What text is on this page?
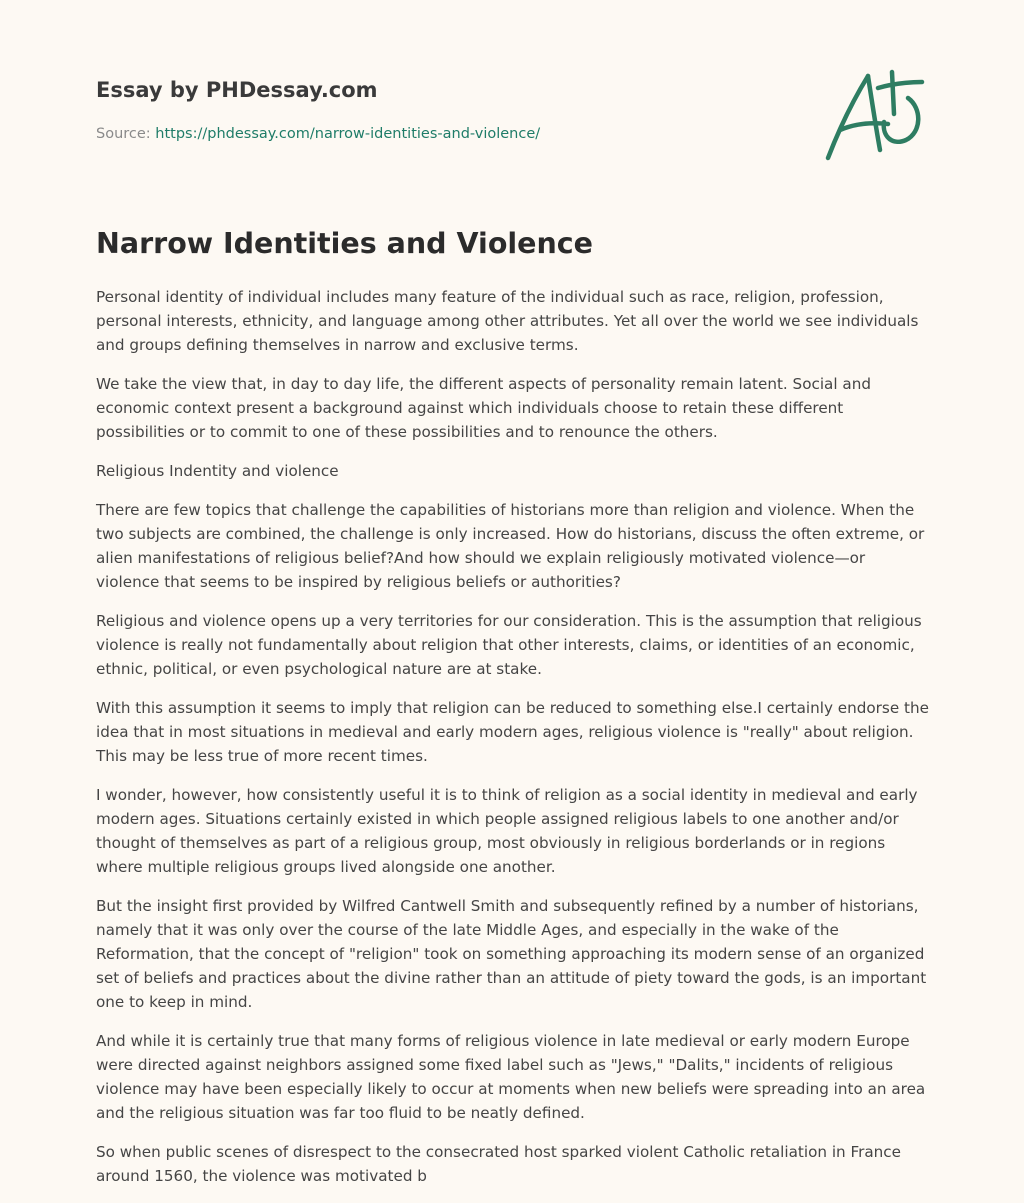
Essay by PHDessay.com
Source: https://phdessay.com/narrow-identities-and-violence/
Narrow Identities and Violence

Personal identity of individual includes many feature of the individual such as race, religion, profession, personal interests, ethnicity, and language among other attributes. Yet all over the world we see individuals and groups defining themselves in narrow and exclusive terms.

We take the view that, in day to day life, the different aspects of personality remain latent. Social and economic context present a background against which individuals choose to retain these different possibilities or to commit to one of these possibilities and to renounce the others.

Religious Indentity and violence

There are few topics that challenge the capabilities of historians more than religion and violence. When the two subjects are combined, the challenge is only increased. How do historians, discuss the often extreme, or alien manifestations of religious belief?And how should we explain religiously motivated violence—or violence that seems to be inspired by religious beliefs or authorities?

Religious and violence opens up a very territories for our consideration. This is the assumption that religious violence is really not fundamentally about religion that other interests, claims, or identities of an economic, ethnic, political, or even psychological nature are at stake.

With this assumption it seems to imply that religion can be reduced to something else.I certainly endorse the idea that in most situations in medieval and early modern ages, religious violence is "really" about religion. This may be less true of more recent times.

I wonder, however, how consistently useful it is to think of religion as a social identity in medieval and early modern ages. Situations certainly existed in which people assigned religious labels to one another and/or thought of themselves as part of a religious group, most obviously in religious borderlands or in regions where multiple religious groups lived alongside one another.

But the insight first provided by Wilfred Cantwell Smith and subsequently refined by a number of historians, namely that it was only over the course of the late Middle Ages, and especially in the wake of the Reformation, that the concept of "religion" took on something approaching its modern sense of an organized set of beliefs and practices about the divine rather than an attitude of piety toward the gods, is an important one to keep in mind.

And while it is certainly true that many forms of religious violence in late medieval or early modern Europe were directed against neighbors assigned some fixed label such as "Jews," "Dalits," incidents of religious violence may have been especially likely to occur at moments when new beliefs were spreading into an area and the religious situation was far too fluid to be neatly defined.

So when public scenes of disrespect to the consecrated host sparked violent Catholic retaliation in France around 1560, the violence was motivated b
